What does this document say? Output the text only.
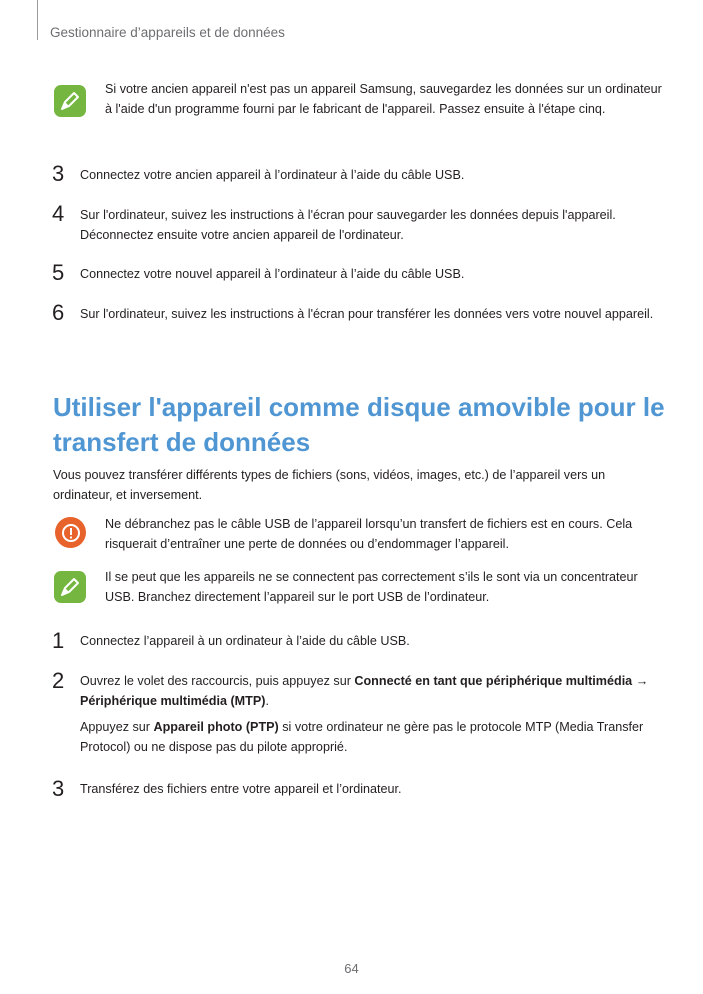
Gestionnaire d’appareils et de données

Si votre ancien appareil n'est pas un appareil Samsung, sauvegardez les données sur un ordinateur à l'aide d'un programme fourni par le fabricant de l'appareil. Passez ensuite à l'étape cinq.

3 Connectez votre ancien appareil à l’ordinateur à l’aide du câble USB.

4 Sur l'ordinateur, suivez les instructions à l'écran pour sauvegarder les données depuis l'appareil. Déconnectez ensuite votre ancien appareil de l'ordinateur.

5 Connectez votre nouvel appareil à l’ordinateur à l’aide du câble USB.

6 Sur l'ordinateur, suivez les instructions à l'écran pour transférer les données vers votre nouvel appareil.

Utiliser l'appareil comme disque amovible pour le transfert de données

Vous pouvez transférer différents types de fichiers (sons, vidéos, images, etc.) de l’appareil vers un ordinateur, et inversement.

Ne débranchez pas le câble USB de l’appareil lorsqu’un transfert de fichiers est en cours. Cela risquerait d’entraîner une perte de données ou d’endommager l’appareil.

Il se peut que les appareils ne se connectent pas correctement s’ils le sont via un concentrateur USB. Branchez directement l’appareil sur le port USB de l’ordinateur.

1 Connectez l’appareil à un ordinateur à l’aide du câble USB.

2 Ouvrez le volet des raccourcis, puis appuyez sur Connecté en tant que périphérique multimédia → Périphérique multimédia (MTP).

Appuyez sur Appareil photo (PTP) si votre ordinateur ne gère pas le protocole MTP (Media Transfer Protocol) ou ne dispose pas du pilote approprié.

3 Transférez des fichiers entre votre appareil et l’ordinateur.

64
